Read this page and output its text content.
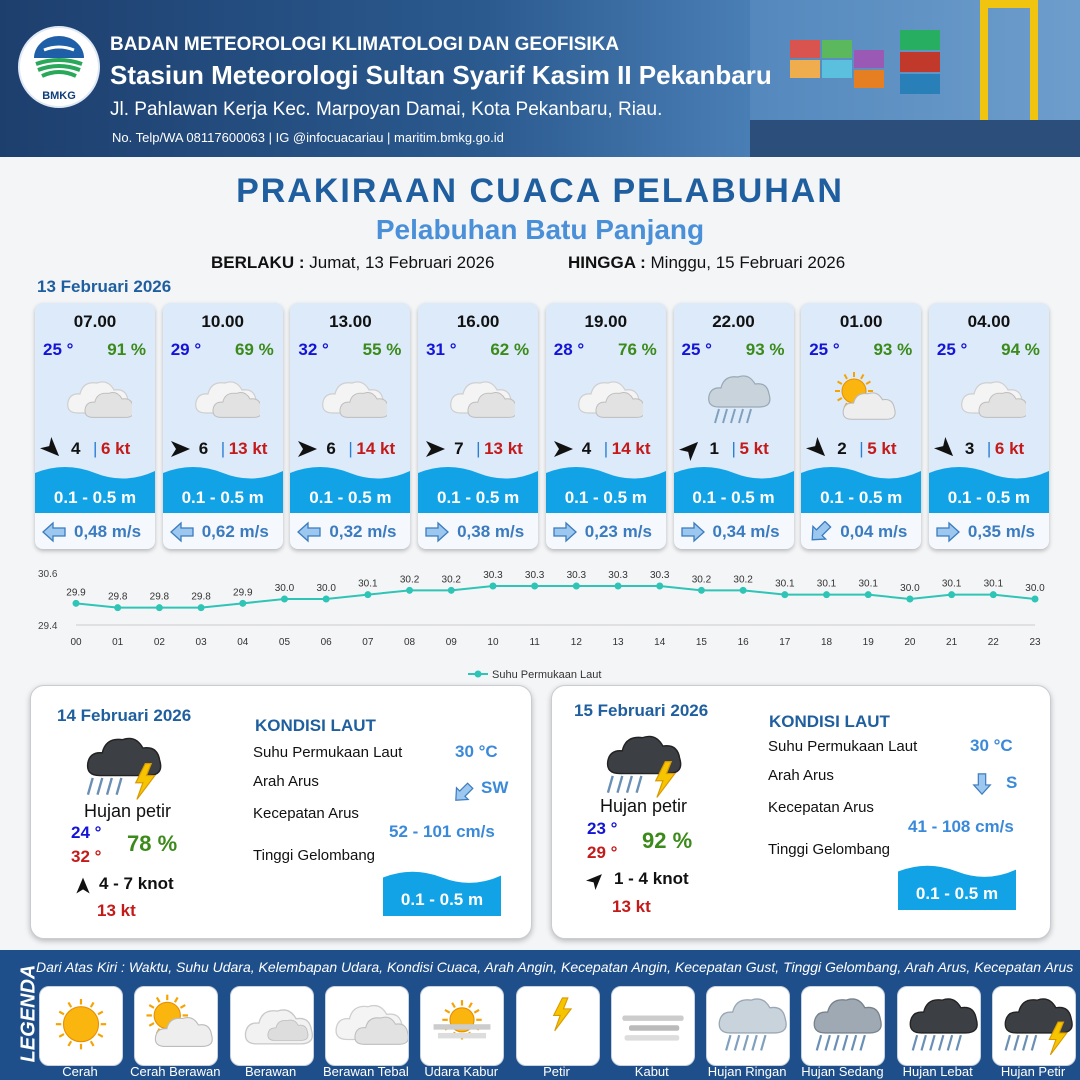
BMKG
BADAN METEOROLOGI KLIMATOLOGI DAN GEOFISIKA
Stasiun Meteorologi Sultan Syarif Kasim II Pekanbaru
Jl. Pahlawan Kerja Kec. Marpoyan Damai, Kota Pekanbaru, Riau.
No. Telp/WA 08117600063 | IG @infocuacariau | maritim.bmkg.go.id
PRAKIRAAN CUACA PELABUHAN
Pelabuhan Batu Panjang
BERLAKU : Jumat, 13 Februari 2026	HINGGA : Minggu, 15 Februari 2026
13 Februari 2026
07.00
25 ° 91 %
4 | 6 kt
0.1 - 0.5 m
0,48 m/s
10.00
29 ° 69 %
6 | 13 kt
0.1 - 0.5 m
0,62 m/s
13.00
32 ° 55 %
6 | 14 kt
0.1 - 0.5 m
0,32 m/s
16.00
31 ° 62 %
7 | 13 kt
0.1 - 0.5 m
0,38 m/s
19.00
28 ° 76 %
4 | 14 kt
0.1 - 0.5 m
0,23 m/s
22.00
25 ° 93 %
1 | 5 kt
0.1 - 0.5 m
0,34 m/s
01.00
25 ° 93 %
2 | 5 kt
0.1 - 0.5 m
0,04 m/s
04.00
25 ° 94 %
3 | 6 kt
0.1 - 0.5 m
0,35 m/s
30.6
29.4
29.9
00
29.8
01
29.8
02
29.8
03
29.9
04
30.0
05
30.0
06
30.1
07
30.2
08
30.2
09
30.3
10
30.3
11
30.3
12
30.3
13
30.3
14
30.2
15
30.2
16
30.1
17
30.1
18
30.1
19
30.0
20
30.1
21
30.1
22
30.0
23
Suhu Permukaan Laut
14 Februari 2026
Hujan petir
24 °
32 °
78 %
4 - 7 knot
13 kt
KONDISI LAUT
Suhu Permukaan Laut	30 °C
Arah Arus	SW
Kecepatan Arus
52 - 101 cm/s
Tinggi Gelombang
0.1 - 0.5 m
15 Februari 2026
Hujan petir
23 °
29 ° 92 %
1 - 4 knot
13 kt
KONDISI LAUT
Suhu Permukaan Laut	30 °C
Arah Arus	S
Kecepatan Arus
41 - 108 cm/s
Tinggi Gelombang
0.1 - 0.5 m
LEGENDA
Dari Atas Kiri : Waktu, Suhu Udara, Kelembapan Udara, Kondisi Cuaca, Arah Angin, Kecepatan Angin, Kecepatan Gust, Tinggi Gelombang, Arah Arus, Kecepatan Arus
Cerah	Cerah Berawan	Berawan	Berawan Tebal	Udara Kabur	Petir	Kabut	Hujan Ringan	Hujan Sedang	Hujan Lebat	Hujan Petir
